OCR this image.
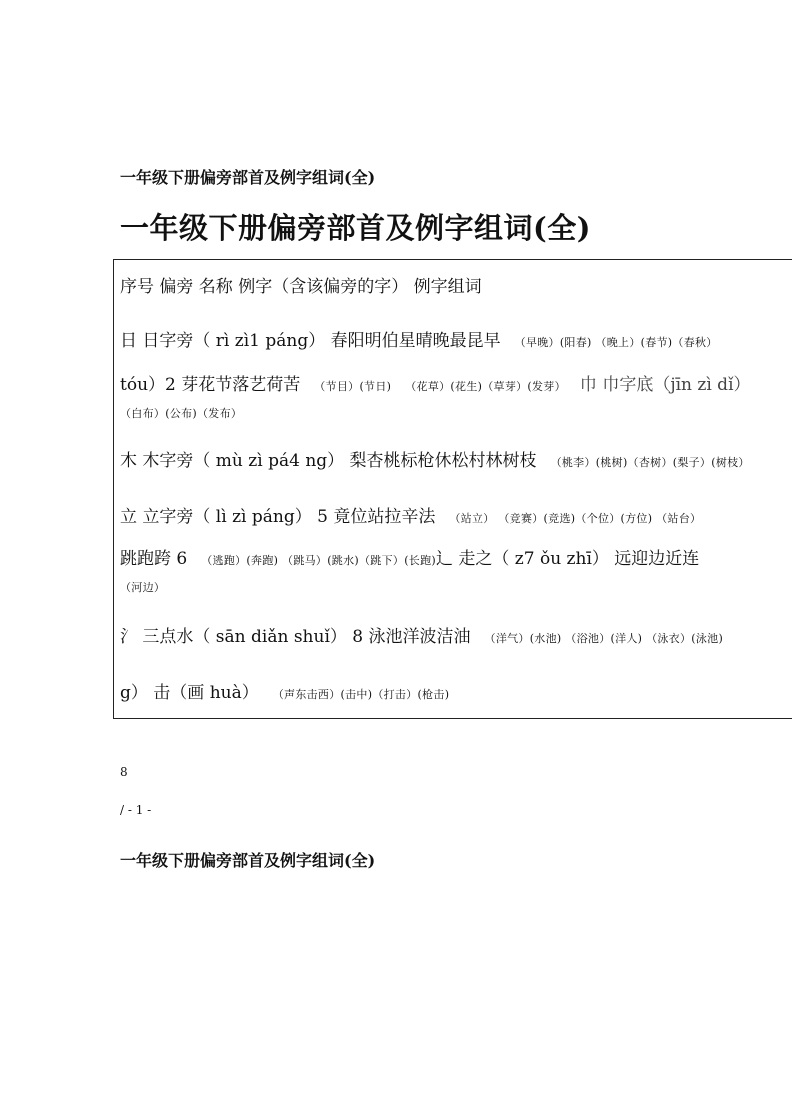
一年级下册偏旁部首及例字组词(全)
一年级下册偏旁部首及例字组词(全)
序号 偏旁 名称 例字（含该偏旁的字） 例字组词
日 日字旁（ rì zì1 páng） 春阳明伯星晴晚最昆早 （早晚）(阳春) （晚上）(春节)（春秋）
tóu）2 芽花节落艺荷苦 （节目）(节日) （花草）(花生)（草芽）(发芽） 巾 巾字底（jīn zì dǐ）
（白布）(公布)（发布）
木 木字旁（ mù zì pá4 ng） 梨杏桃标枪休松村林树枝 （桃李）(桃树)（杏树）(梨子）(树枝）
立 立字旁（ lì zì páng） 5 竟位站拉辛法 （站立） （竞赛）(竞选)（个位）(方位) （站台）
跳跑跨 6 （逃跑）(奔跑) （跳马）(跳水)（跳下）(长跑)辶 走之（ z7 ǒu zhī） 远迎边近连
（河边）
氵 三点水（ sān diǎn shuǐ） 8 泳池洋波洁油 （洋气）(水池) （浴池）(洋人) （泳衣）(泳池)
g） 击（画 huà） （声东击西）(击中)（打击）(枪击)
8
/ - 1 -
一年级下册偏旁部首及例字组词(全)
